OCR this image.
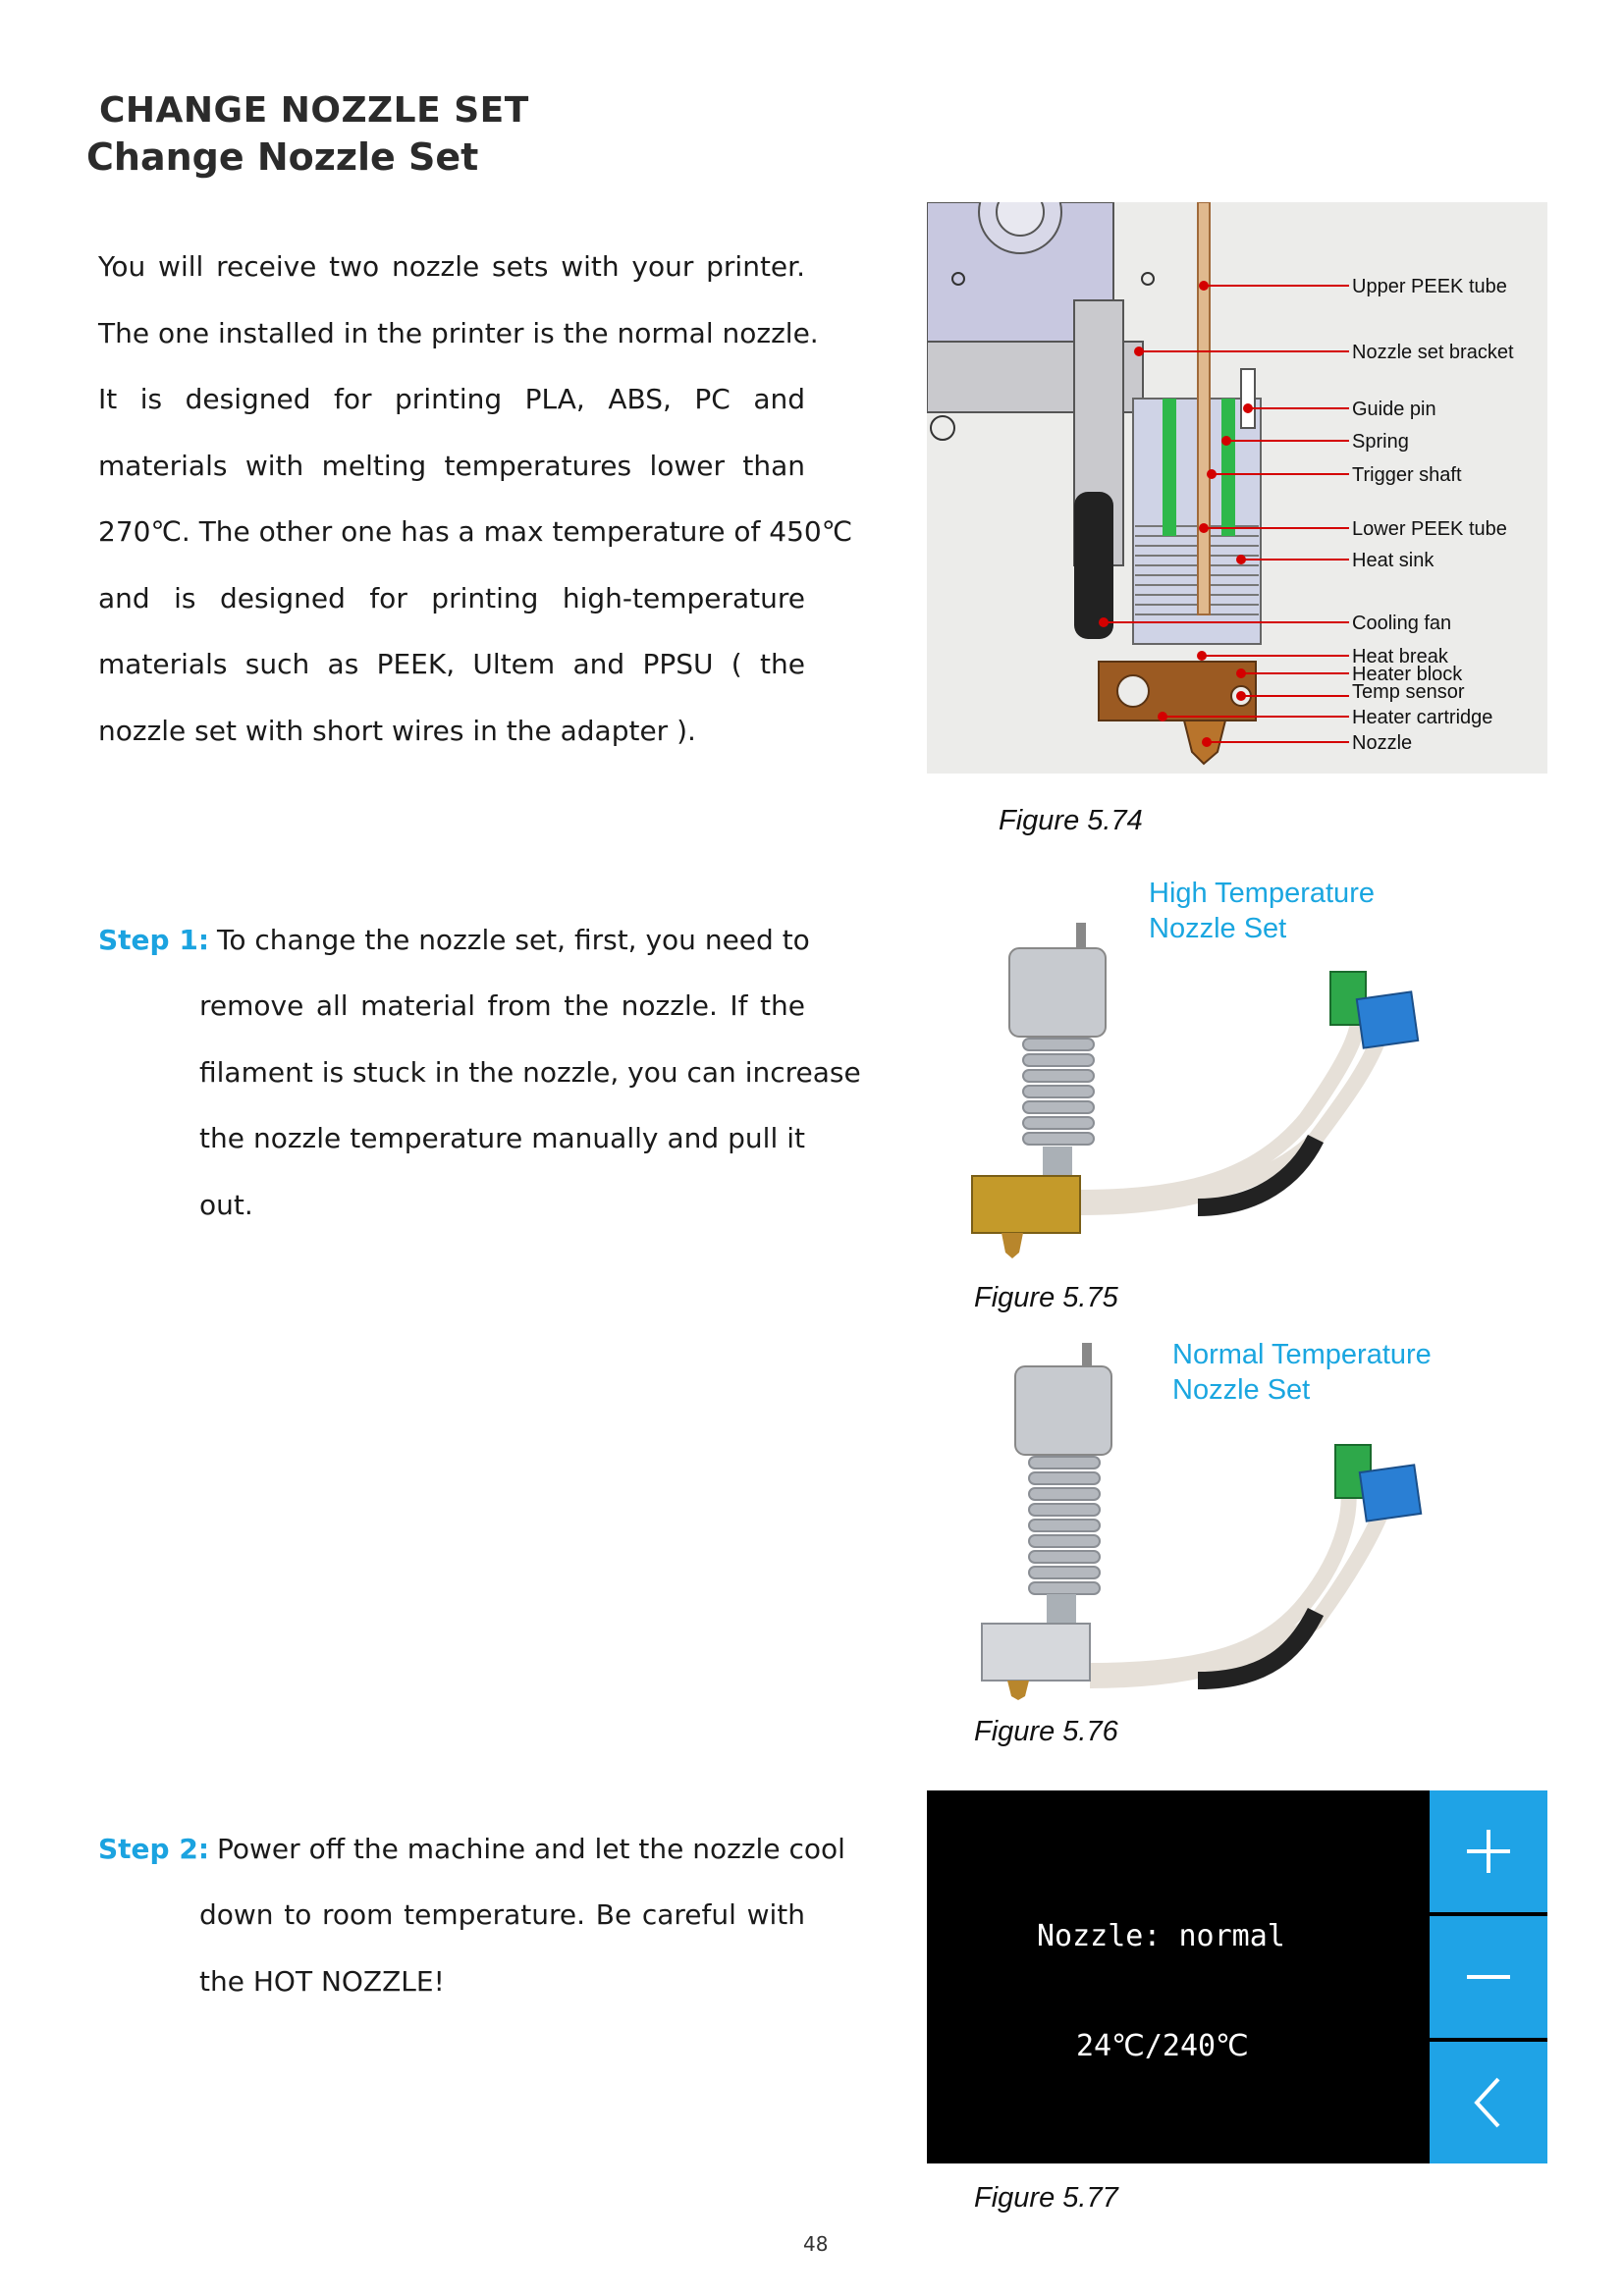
CHANGE NOZZLE SET
Change Nozzle Set
You will receive two nozzle sets with your printer.
The one installed in the printer is the normal nozzle.
It is designed for printing PLA, ABS, PC and
materials with melting temperatures lower than
270℃. The other one has a max temperature of 450℃
and is designed for printing high-temperature
materials such as PEEK, Ultem and PPSU ( the
nozzle set with short wires in the adapter ).
Step 1: To change the nozzle set, first, you need to
remove all material from the nozzle. If the
filament is stuck in the nozzle, you can increase
the nozzle temperature manually and pull it
out.
Step 2: Power off the machine and let the nozzle cool
down to room temperature. Be careful with
the HOT NOZZLE!
Upper PEEK tube
Nozzle set bracket
Guide pin
Spring
Trigger shaft
Lower PEEK tube
Heat sink
Cooling fan
Heat break
Heater block
Temp sensor
Heater cartridge
Nozzle
Figure 5.74
High Temperature
Nozzle Set
Figure 5.75
Normal Temperature
Nozzle Set
Figure 5.76
Nozzle: normal
24℃/240℃
Figure 5.77
48
